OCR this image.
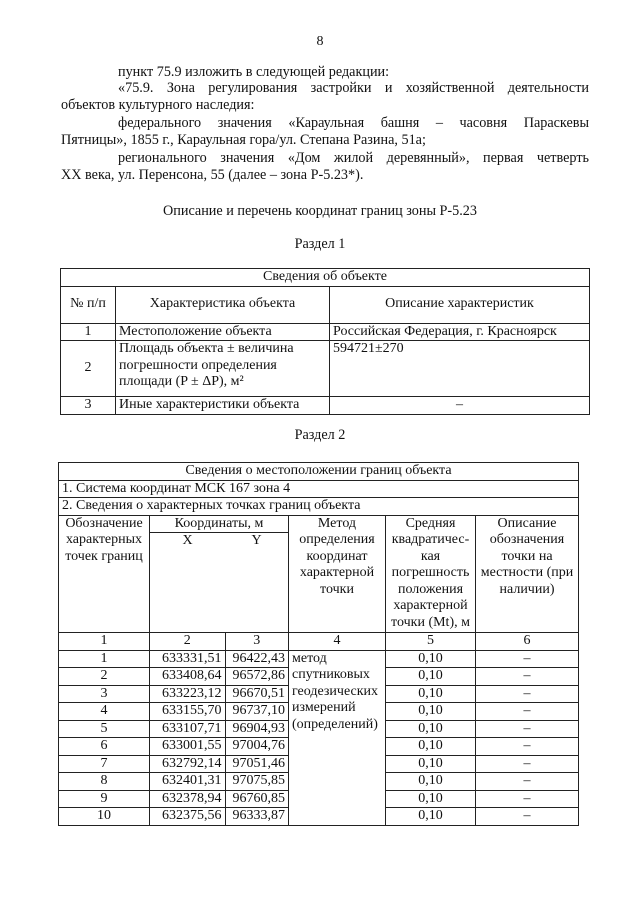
8
пункт 75.9 изложить в следующей редакции:
«75.9. Зона регулирования застройки и хозяйственной деятельности
объектов культурного наследия:
федерального значения «Караульная башня – часовня Параскевы
Пятницы», 1855 г., Караульная гора/ул. Степана Разина, 51а;
регионального значения «Дом жилой деревянный», первая четверть
XX века, ул. Перенсона, 55 (далее – зона Р-5.23*).
Описание и перечень координат границ зоны Р-5.23
Раздел 1
Сведения об объекте		
№ п/п	Характеристика объекта	Описание характеристик
1	Местоположение объекта	Российская Федерация, г. Красноярск
2	Площадь объекта ± величина
погрешности определения
площади (P ± ΔP), м²	594721±270
3	Иные характеристики объекта	–
Раздел 2
Сведения о местоположении границ объекта					
1. Система координат МСК 167 зона 4					
2. Сведения о характерных точках границ объекта					
Обозначение характерных точек границ	Координаты, м		Метод определения координат характерной точки	Средняя квадратичес-кая погрешность положения характерной точки (Mt), м	Описание обозначения точки на местности (при наличии)
	X	Y			
1	2	3	4	5	6
1	633331,51	96422,43	метод
спутниковых
геодезических
измерений
(определений)	0,10	–
2	633408,64	96572,86		0,10	–
3	633223,12	96670,51		0,10	–
4	633155,70	96737,10		0,10	–
5	633107,71	96904,93		0,10	–
6	633001,55	97004,76		0,10	–
7	632792,14	97051,46		0,10	–
8	632401,31	97075,85		0,10	–
9	632378,94	96760,85		0,10	–
10	632375,56	96333,87		0,10	–
